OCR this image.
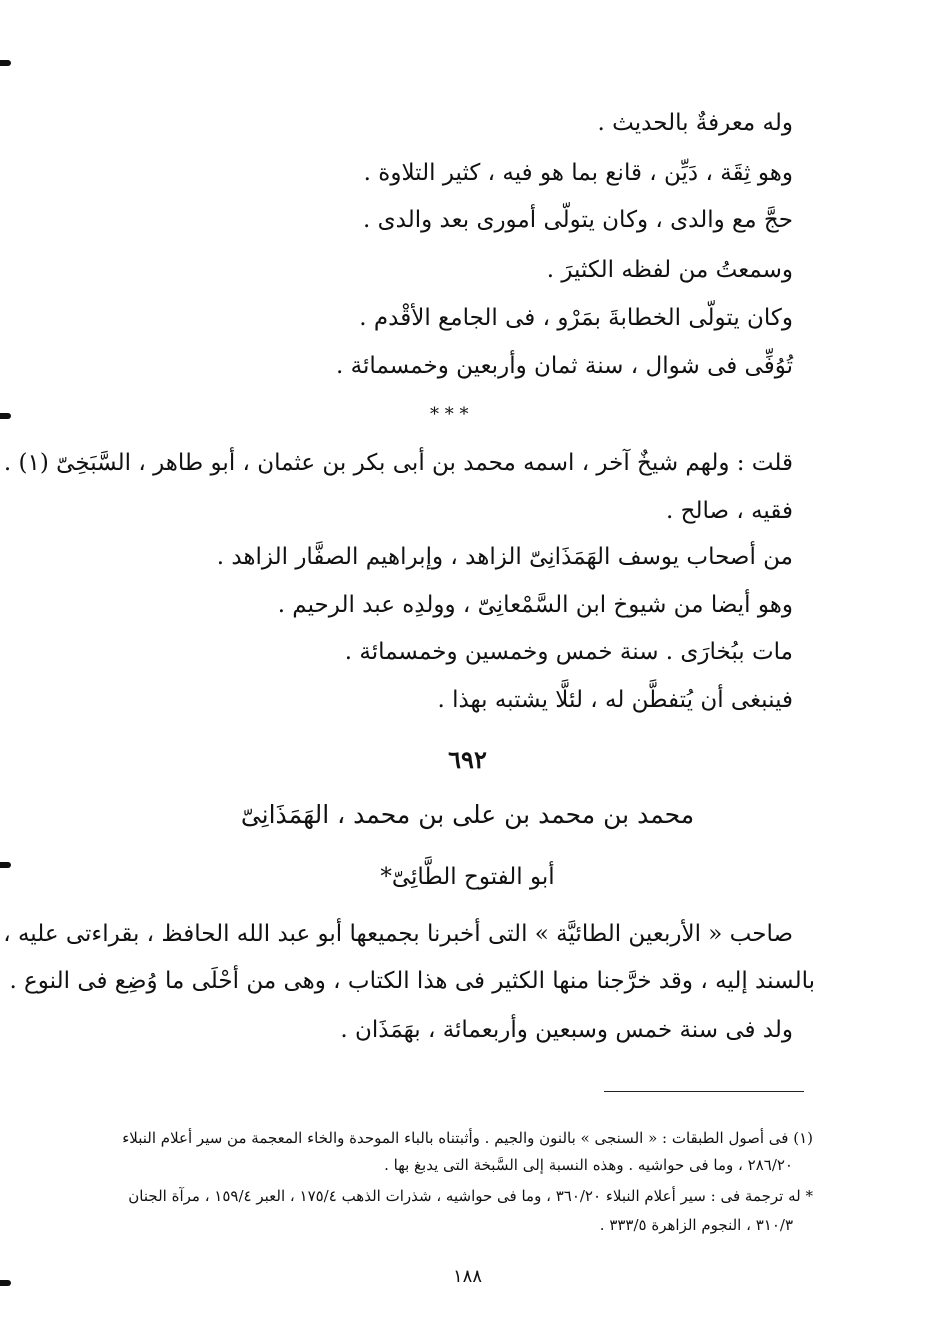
وله معرفةٌ بالحديث .
وهو ثِقَة ، دَيِّن ، قانع بما هو فيه ، كثير التلاوة .
حجَّ مع والدى ، وكان يتولّى أمورى بعد والدى .
وسمعتُ من لفظه الكثيرَ .
وكان يتولّى الخطابةَ بمَرْو ، فى الجامع الأقْدم .
تُوُفِّى فى شوال ، سنة ثمان وأربعين وخمسمائة .
* * *
قلت : ولهم شيخٌ آخر ، اسمه محمد بن أبى بكر بن عثمان ، أبو طاهر ، السَّبَخِىّ (١) .
فقيه ، صالح .
من أصحاب يوسف الهَمَذَانِىّ الزاهد ، وإبراهيم الصفَّار الزاهد .
وهو أيضا من شيوخ ابن السَّمْعانِىّ ، وولدِه عبد الرحيم .
مات ببُخارَى . سنة خمس وخمسين وخمسمائة .
فينبغى أن يُتفطَّن له ، لئلَّا يشتبه بهذا .
٦٩٢
محمد بن محمد بن على بن محمد ، الهَمَذَانِىّ
أبو الفتوح الطَّائِىّ*
صاحب « الأربعين الطائيَّة » التى أخبرنا بجميعها أبو عبد الله الحافظ ، بقراءتى عليه ،
بالسند إليه ، وقد خرَّجنا منها الكثير فى هذا الكتاب ، وهى من أحْلَى ما وُضِع فى النوع .
ولد فى سنة خمس وسبعين وأربعمائة ، بهَمَذَان .
(١) فى أصول الطبقات : « السنجى » بالنون والجيم . وأثبتناه بالباء الموحدة والخاء المعجمة من سير أعلام النبلاء
٢٨٦/٢٠ ، وما فى حواشيه . وهذه النسبة إلى السَّبخة التى يدبغ بها .
* له ترجمة فى : سير أعلام النبلاء ٣٦٠/٢٠ ، وما فى حواشيه ، شذرات الذهب ١٧٥/٤ ، العبر ١٥٩/٤ ، مرآة الجنان
٣١٠/٣ ، النجوم الزاهرة ٣٣٣/٥ .
١٨٨
